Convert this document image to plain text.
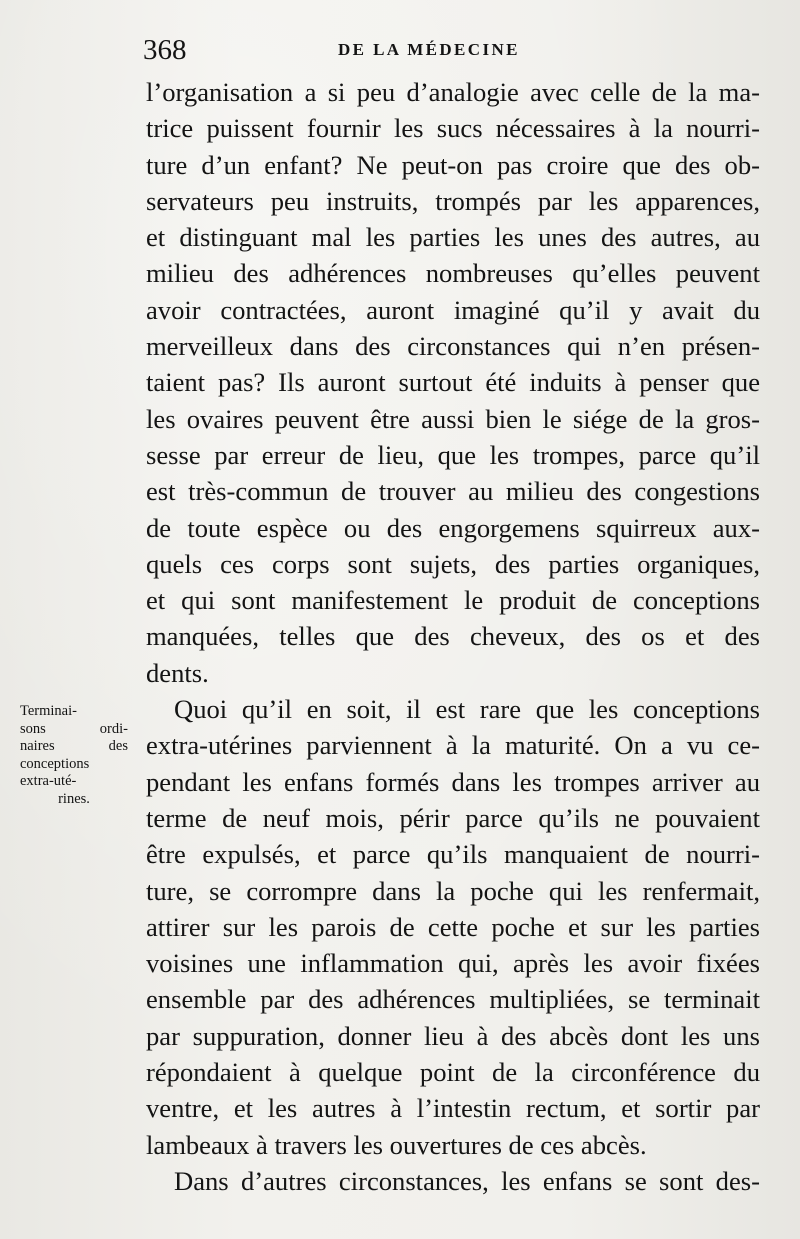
368	DE LA MÉDECINE
Terminai-
sons ordi-
naires des
conceptions
extra-uté-
rines.
l’organisation a si peu d’analogie avec celle de la ma-
trice puissent fournir les sucs nécessaires à la nourri-
ture d’un enfant? Ne peut-on pas croire que des ob-
servateurs peu instruits, trompés par les apparences,
et distinguant mal les parties les unes des autres, au
milieu des adhérences nombreuses qu’elles peuvent
avoir contractées, auront imaginé qu’il y avait du
merveilleux dans des circonstances qui n’en présen-
taient pas? Ils auront surtout été induits à penser que
les ovaires peuvent être aussi bien le siége de la gros-
sesse par erreur de lieu, que les trompes, parce qu’il
est très-commun de trouver au milieu des congestions
de toute espèce ou des engorgemens squirreux aux-
quels ces corps sont sujets, des parties organiques,
et qui sont manifestement le produit de conceptions
manquées, telles que des cheveux, des os et des
dents.
Quoi qu’il en soit, il est rare que les conceptions
extra-utérines parviennent à la maturité. On a vu ce-
pendant les enfans formés dans les trompes arriver au
terme de neuf mois, périr parce qu’ils ne pouvaient
être expulsés, et parce qu’ils manquaient de nourri-
ture, se corrompre dans la poche qui les renfermait,
attirer sur les parois de cette poche et sur les parties
voisines une inflammation qui, après les avoir fixées
ensemble par des adhérences multipliées, se terminait
par suppuration, donner lieu à des abcès dont les uns
répondaient à quelque point de la circonférence du
ventre, et les autres à l’intestin rectum, et sortir par
lambeaux à travers les ouvertures de ces abcès.
Dans d’autres circonstances, les enfans se sont des-
